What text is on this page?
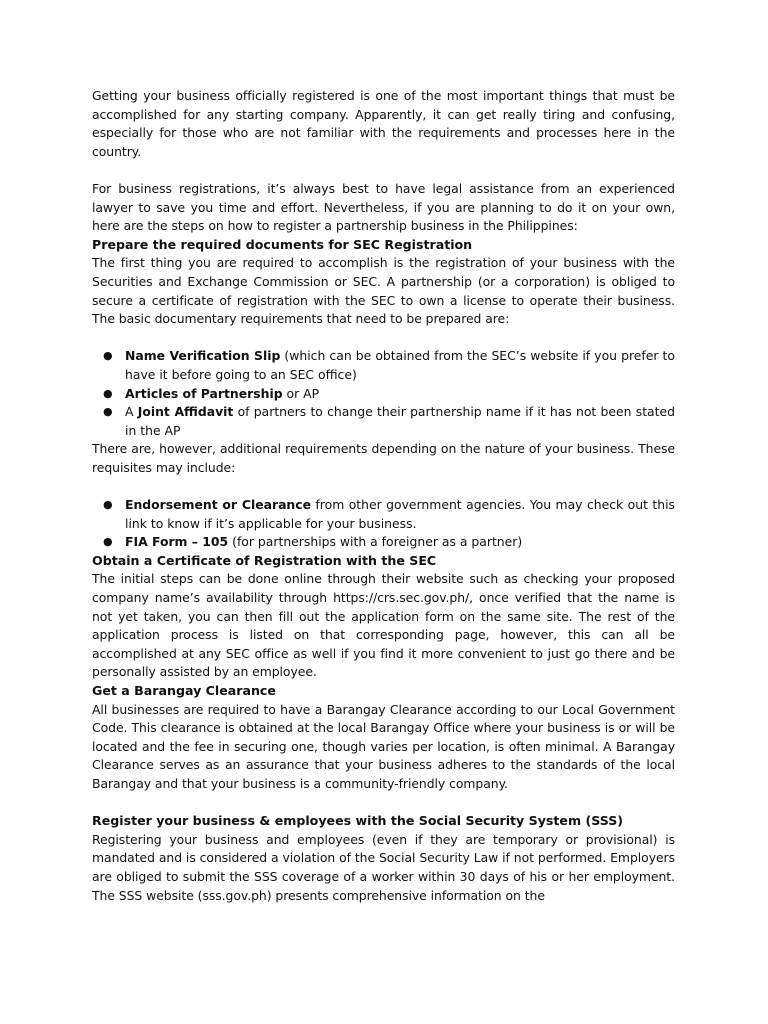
Getting your business officially registered is one of the most important things that must be accomplished for any starting company. Apparently, it can get really tiring and confusing, especially for those who are not familiar with the requirements and processes here in the country.

For business registrations, it’s always best to have legal assistance from an experienced lawyer to save you time and effort. Nevertheless, if you are planning to do it on your own, here are the steps on how to register a partnership business in the Philippines:

Prepare the required documents for SEC Registration

The first thing you are required to accomplish is the registration of your business with the Securities and Exchange Commission or SEC. A partnership (or a corporation) is obliged to secure a certificate of registration with the SEC to own a license to operate their business. The basic documentary requirements that need to be prepared are:

● Name Verification Slip (which can be obtained from the SEC’s website if you prefer to have it before going to an SEC office)
● Articles of Partnership or AP
● A Joint Affidavit of partners to change their partnership name if it has not been stated in the AP

There are, however, additional requirements depending on the nature of your business. These requisites may include:

● Endorsement or Clearance from other government agencies. You may check out this link to know if it’s applicable for your business.
● FIA Form – 105 (for partnerships with a foreigner as a partner)

Obtain a Certificate of Registration with the SEC

The initial steps can be done online through their website such as checking your proposed company name’s availability through https://crs.sec.gov.ph/, once verified that the name is not yet taken, you can then fill out the application form on the same site. The rest of the application process is listed on that corresponding page, however, this can all be accomplished at any SEC office as well if you find it more convenient to just go there and be personally assisted by an employee.

Get a Barangay Clearance

All businesses are required to have a Barangay Clearance according to our Local Government Code. This clearance is obtained at the local Barangay Office where your business is or will be located and the fee in securing one, though varies per location, is often minimal. A Barangay Clearance serves as an assurance that your business adheres to the standards of the local Barangay and that your business is a community-friendly company.

Register your business & employees with the Social Security System (SSS)

Registering your business and employees (even if they are temporary or provisional) is mandated and is considered a violation of the Social Security Law if not performed. Employers are obliged to submit the SSS coverage of a worker within 30 days of his or her employment. The SSS website (sss.gov.ph) presents comprehensive information on the
